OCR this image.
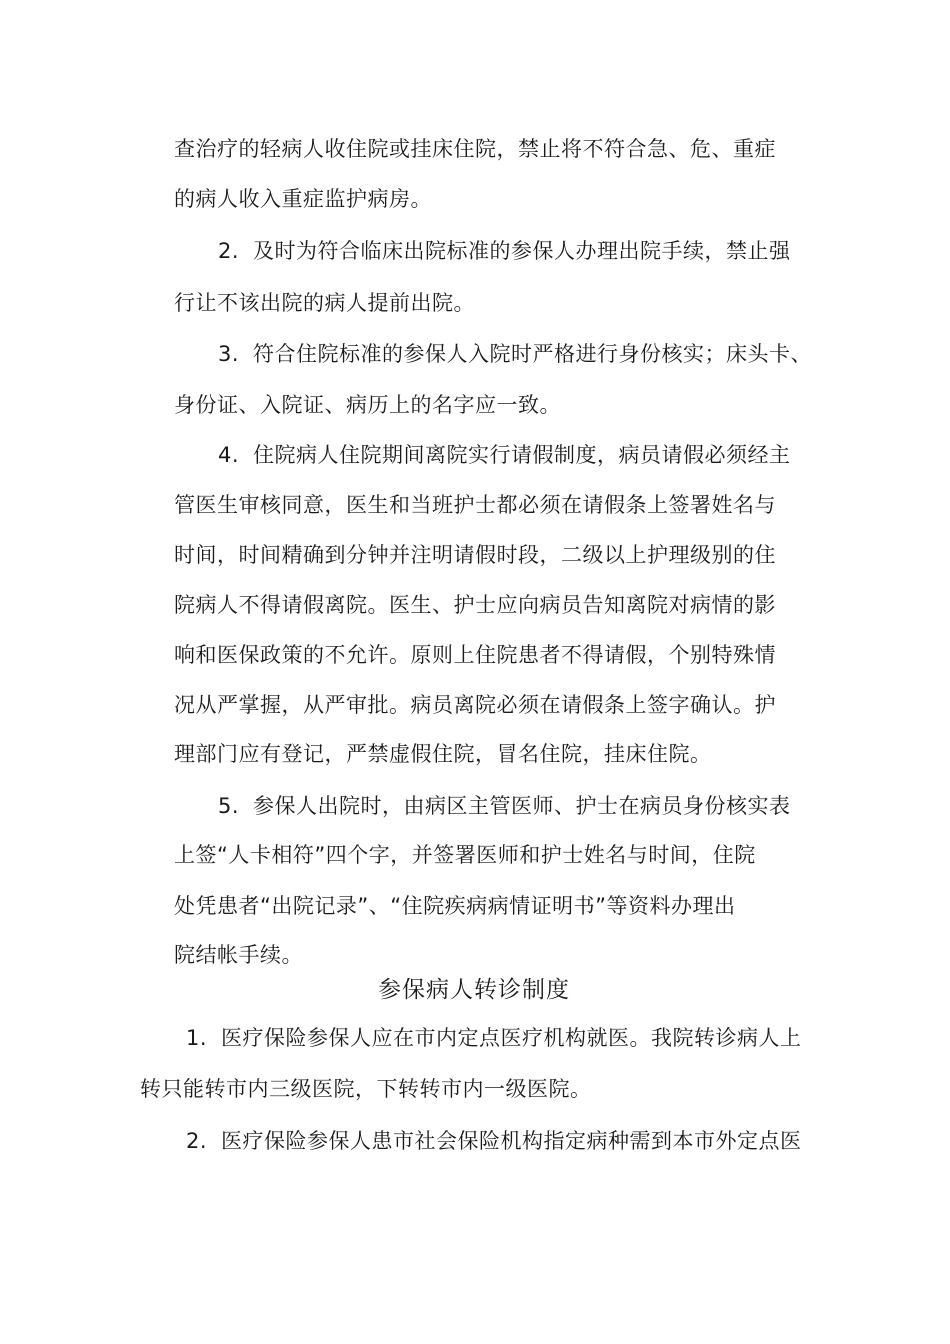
查治疗的轻病人收住院或挂床住院，禁止将不符合急、危、重症
的病人收入重症监护病房。
2. 及时为符合临床出院标准的参保人办理出院手续，禁止强
行让不该出院的病人提前出院。
3. 符合住院标准的参保人入院时严格进行身份核实；床头卡、
身份证、入院证、病历上的名字应一致。
4. 住院病人住院期间离院实行请假制度，病员请假必须经主
管医生审核同意，医生和当班护士都必须在请假条上签署姓名与
时间，时间精确到分钟并注明请假时段，二级以上护理级别的住
院病人不得请假离院。医生、护士应向病员告知离院对病情的影
响和医保政策的不允许。原则上住院患者不得请假，个别特殊情
况从严掌握，从严审批。病员离院必须在请假条上签字确认。护
理部门应有登记，严禁虚假住院，冒名住院，挂床住院。
5. 参保人出院时，由病区主管医师、护士在病员身份核实表
上签“人卡相符”四个字，并签署医师和护士姓名与时间，住院
处凭患者“出院记录”、“住院疾病病情证明书”等资料办理出
院结帐手续。
参保病人转诊制度
1. 医疗保险参保人应在市内定点医疗机构就医。我院转诊病人上
转只能转市内三级医院，下转转市内一级医院。
2. 医疗保险参保人患市社会保险机构指定病种需到本市外定点医
